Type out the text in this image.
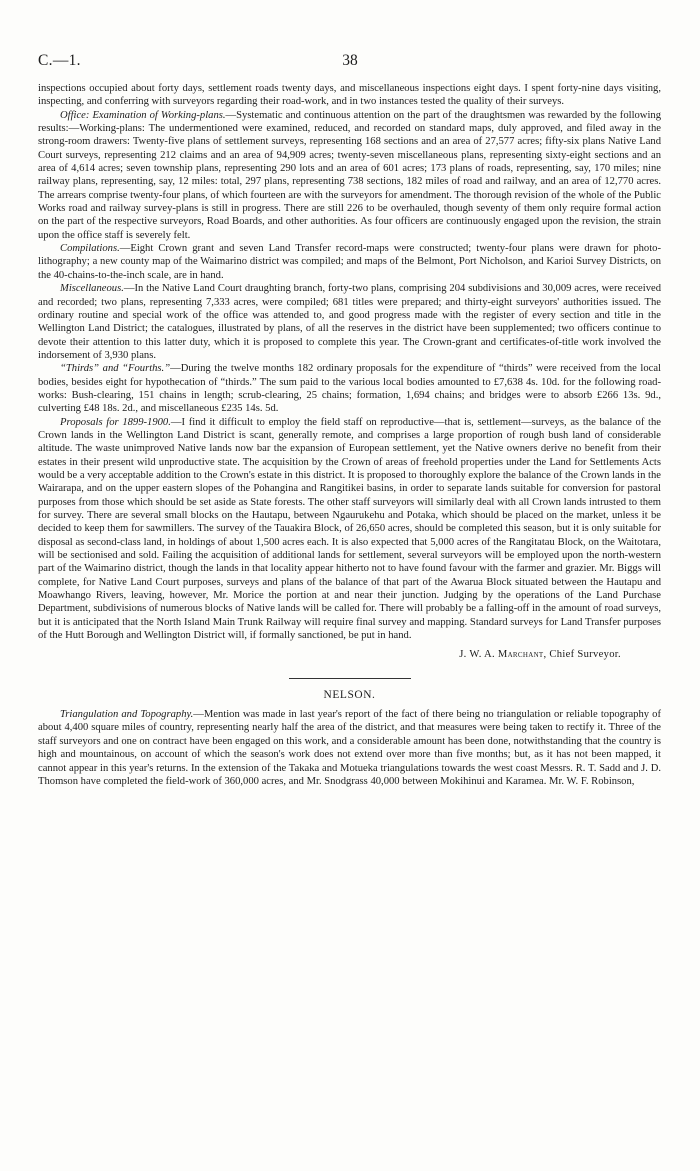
C.—1.	38

inspections occupied about forty days, settlement roads twenty days, and miscellaneous inspections eight days. I spent forty-nine days visiting, inspecting, and conferring with surveyors regarding their road-work, and in two instances tested the quality of their surveys.

Office: Examination of Working-plans.—Systematic and continuous attention on the part of the draughtsmen was rewarded by the following results:—Working-plans: The undermentioned were examined, reduced, and recorded on standard maps, duly approved, and filed away in the strong-room drawers: Twenty-five plans of settlement surveys, representing 168 sections and an area of 27,577 acres; fifty-six plans Native Land Court surveys, representing 212 claims and an area of 94,909 acres; twenty-seven miscellaneous plans, representing sixty-eight sections and an area of 4,614 acres; seven township plans, representing 290 lots and an area of 601 acres; 173 plans of roads, representing, say, 170 miles; nine railway plans, representing, say, 12 miles: total, 297 plans, representing 738 sections, 182 miles of road and railway, and an area of 12,770 acres. The arrears comprise twenty-four plans, of which fourteen are with the surveyors for amendment. The thorough revision of the whole of the Public Works road and railway survey-plans is still in progress. There are still 226 to be overhauled, though seventy of them only require formal action on the part of the respective surveyors, Road Boards, and other authorities. As four officers are continuously engaged upon the revision, the strain upon the office staff is severely felt.

Compilations.—Eight Crown grant and seven Land Transfer record-maps were constructed; twenty-four plans were drawn for photo-lithography; a new county map of the Waimarino district was compiled; and maps of the Belmont, Port Nicholson, and Karioi Survey Districts, on the 40-chains-to-the-inch scale, are in hand.

Miscellaneous.—In the Native Land Court draughting branch, forty-two plans, comprising 204 subdivisions and 30,009 acres, were received and recorded; two plans, representing 7,333 acres, were compiled; 681 titles were prepared; and thirty-eight surveyors' authorities issued. The ordinary routine and special work of the office was attended to, and good progress made with the register of every section and title in the Wellington Land District; the catalogues, illustrated by plans, of all the reserves in the district have been supplemented; two officers continue to devote their attention to this latter duty, which it is proposed to complete this year. The Crown-grant and certificates-of-title work involved the indorsement of 3,930 plans.

“Thirds” and “Fourths.”—During the twelve months 182 ordinary proposals for the expenditure of “thirds” were received from the local bodies, besides eight for hypothecation of “thirds.” The sum paid to the various local bodies amounted to £7,638 4s. 10d. for the following road-works: Bush-clearing, 151 chains in length; scrub-clearing, 25 chains; formation, 1,694 chains; and bridges were to absorb £266 13s. 9d., culverting £48 18s. 2d., and miscellaneous £235 14s. 5d.

Proposals for 1899-1900.—I find it difficult to employ the field staff on reproductive—that is, settlement—surveys, as the balance of the Crown lands in the Wellington Land District is scant, generally remote, and comprises a large proportion of rough bush land of considerable altitude. The waste unimproved Native lands now bar the expansion of European settlement, yet the Native owners derive no benefit from their estates in their present wild unproductive state. The acquisition by the Crown of areas of freehold properties under the Land for Settlements Acts would be a very acceptable addition to the Crown's estate in this district. It is proposed to thoroughly explore the balance of the Crown lands in the Wairarapa, and on the upper eastern slopes of the Pohangina and Rangitikei basins, in order to separate lands suitable for conversion for pastoral purposes from those which should be set aside as State forests. The other staff surveyors will similarly deal with all Crown lands intrusted to them for survey. There are several small blocks on the Hautapu, between Ngaurukehu and Potaka, which should be placed on the market, unless it be decided to keep them for sawmillers. The survey of the Tauakira Block, of 26,650 acres, should be completed this season, but it is only suitable for disposal as second-class land, in holdings of about 1,500 acres each. It is also expected that 5,000 acres of the Rangitatau Block, on the Waitotara, will be sectionised and sold. Failing the acquisition of additional lands for settlement, several surveyors will be employed upon the north-western part of the Waimarino district, though the lands in that locality appear hitherto not to have found favour with the farmer and grazier. Mr. Biggs will complete, for Native Land Court purposes, surveys and plans of the balance of that part of the Awarua Block situated between the Hautapu and Moawhango Rivers, leaving, however, Mr. Morice the portion at and near their junction. Judging by the operations of the Land Purchase Department, subdivisions of numerous blocks of Native lands will be called for. There will probably be a falling-off in the amount of road surveys, but it is anticipated that the North Island Main Trunk Railway will require final survey and mapping. Standard surveys for Land Transfer purposes of the Hutt Borough and Wellington District will, if formally sanctioned, be put in hand.

J. W. A. Marchant, Chief Surveyor.
NELSON.

Triangulation and Topography.—Mention was made in last year's report of the fact of there being no triangulation or reliable topography of about 4,400 square miles of country, representing nearly half the area of the district, and that measures were being taken to rectify it. Three of the staff surveyors and one on contract have been engaged on this work, and a considerable amount has been done, notwithstanding that the country is high and mountainous, on account of which the season's work does not extend over more than five months; but, as it has not been mapped, it cannot appear in this year's returns. In the extension of the Takaka and Motueka triangulations towards the west coast Messrs. R. T. Sadd and J. D. Thomson have completed the field-work of 360,000 acres, and Mr. Snodgrass 40,000 between Mokihinui and Karamea. Mr. W. F. Robinson,
